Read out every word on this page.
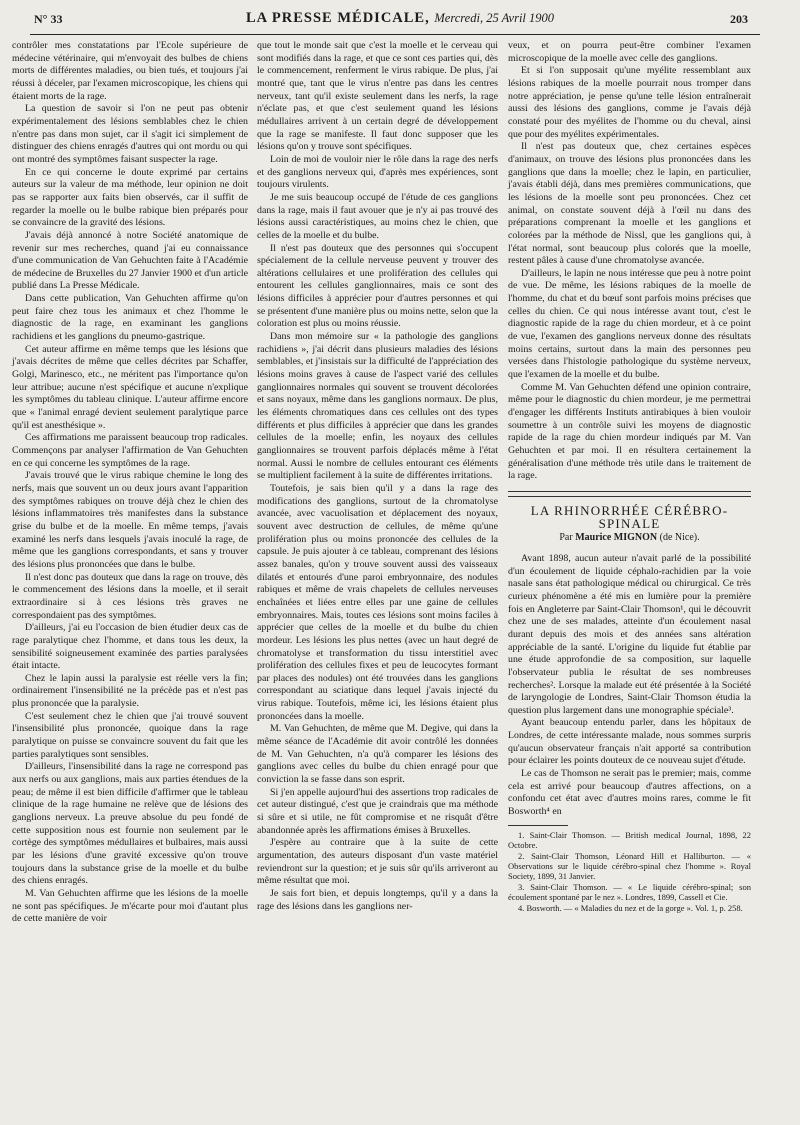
N° 33	LA PRESSE MÉDICALE, Mercredi, 25 Avril 1900	203

contrôler mes constatations par l'Ecole supérieure de médecine vétérinaire, qui m'envoyait des bulbes de chiens morts de différentes maladies, ou bien tués, et toujours j'ai réussi à déceler, par l'examen microscopique, les chiens qui étaient morts de la rage.

La question de savoir si l'on ne peut pas obtenir expérimentalement des lésions semblables chez le chien n'entre pas dans mon sujet, car il s'agit ici simplement de distinguer des chiens enragés d'autres qui ont mordu ou qui ont montré des symptômes faisant suspecter la rage.

En ce qui concerne le doute exprimé par certains auteurs sur la valeur de ma méthode, leur opinion ne doit pas se rapporter aux faits bien observés, car il suffit de regarder la moelle ou le bulbe rabique bien préparés pour se convaincre de la gravité des lésions.

J'avais déjà annoncé à notre Société anatomique de revenir sur mes recherches, quand j'ai eu connaissance d'une communication de Van Gehuchten faite à l'Académie de médecine de Bruxelles du 27 Janvier 1900 et d'un article publié dans La Presse Médicale.

Dans cette publication, Van Gehuchten affirme qu'on peut faire chez tous les animaux et chez l'homme le diagnostic de la rage, en examinant les ganglions rachidiens et les ganglions du pneumo-gastrique.

Cet auteur affirme en même temps que les lésions que j'avais décrites de même que celles décrites par Schaffer, Golgi, Marinesco, etc., ne méritent pas l'importance qu'on leur attribue; aucune n'est spécifique et aucune n'explique les symptômes du tableau clinique. L'auteur affirme encore que « l'animal enragé devient seulement paralytique parce qu'il est anesthésique ».

Ces affirmations me paraissent beaucoup trop radicales. Commençons par analyser l'affirmation de Van Gehuchten en ce qui concerne les symptômes de la rage.

J'avais trouvé que le virus rabique chemine le long des nerfs, mais que souvent un ou deux jours avant l'apparition des symptômes rabiques on trouve déjà chez le chien des lésions inflammatoires très manifestes dans la substance grise du bulbe et de la moelle. En même temps, j'avais examiné les nerfs dans lesquels j'avais inoculé la rage, de même que les ganglions correspondants, et sans y trouver des lésions plus prononcées que dans le bulbe.

Il n'est donc pas douteux que dans la rage on trouve, dès le commencement des lésions dans la moelle, et il serait extraordinaire si à ces lésions très graves ne correspondaient pas des symptômes.

D'ailleurs, j'ai eu l'occasion de bien étudier deux cas de rage paralytique chez l'homme, et dans tous les deux, la sensibilité soigneusement examinée des parties paralysées était intacte.

Chez le lapin aussi la paralysie est réelle vers la fin; ordinairement l'insensibilité ne la précède pas et n'est pas plus prononcée que la paralysie.

C'est seulement chez le chien que j'ai trouvé souvent l'insensibilité plus prononcée, quoique dans la rage paralytique on puisse se convaincre souvent du fait que les parties paralytiques sont sensibles.

D'ailleurs, l'insensibilité dans la rage ne correspond pas aux nerfs ou aux ganglions, mais aux parties étendues de la peau; de même il est bien difficile d'affirmer que le tableau clinique de la rage humaine ne relève que de lésions des ganglions nerveux. La preuve absolue du peu fondé de cette supposition nous est fournie non seulement par le cortège des symptômes médullaires et bulbaires, mais aussi par les lésions d'une gravité excessive qu'on trouve toujours dans la substance grise de la moelle et du bulbe des chiens enragés.

M. Van Gehuchten affirme que les lésions de la moelle ne sont pas spécifiques. Je m'écarte pour moi d'autant plus de cette manière de voir

que tout le monde sait que c'est la moelle et le cerveau qui sont modifiés dans la rage, et que ce sont ces parties qui, dès le commencement, renferment le virus rabique. De plus, j'ai montré que, tant que le virus n'entre pas dans les centres nerveux, tant qu'il existe seulement dans les nerfs, la rage n'éclate pas, et que c'est seulement quand les lésions médullaires arrivent à un certain degré de développement que la rage se manifeste. Il faut donc supposer que les lésions qu'on y trouve sont spécifiques.

Loin de moi de vouloir nier le rôle dans la rage des nerfs et des ganglions nerveux qui, d'après mes expériences, sont toujours virulents.

Je me suis beaucoup occupé de l'étude de ces ganglions dans la rage, mais il faut avouer que je n'y ai pas trouvé des lésions aussi caractéristiques, au moins chez le chien, que celles de la moelle et du bulbe.

Il n'est pas douteux que des personnes qui s'occupent spécialement de la cellule nerveuse peuvent y trouver des altérations cellulaires et une prolifération des cellules qui entourent les cellules ganglionnaires, mais ce sont des lésions difficiles à apprécier pour d'autres personnes et qui se présentent d'une manière plus ou moins nette, selon que la coloration est plus ou moins réussie.

Dans mon mémoire sur « la pathologie des ganglions rachidiens », j'ai décrit dans plusieurs maladies des lésions semblables, et j'insistais sur la difficulté de l'appréciation des lésions moins graves à cause de l'aspect varié des cellules ganglionnaires normales qui souvent se trouvent décolorées et sans noyaux, même dans les ganglions normaux. De plus, les éléments chromatiques dans ces cellules ont des types différents et plus difficiles à apprécier que dans les grandes cellules de la moelle; enfin, les noyaux des cellules ganglionnaires se trouvent parfois déplacés même à l'état normal. Aussi le nombre de cellules entourant ces éléments se multiplient facilement à la suite de différentes irritations.

Toutefois, je sais bien qu'il y a dans la rage des modifications des ganglions, surtout de la chromatolyse avancée, avec vacuolisation et déplacement des noyaux, souvent avec destruction de cellules, de même qu'une prolifération plus ou moins prononcée des cellules de la capsule. Je puis ajouter à ce tableau, comprenant des lésions assez banales, qu'on y trouve souvent aussi des vaisseaux dilatés et entourés d'une paroi embryonnaire, des nodules rabiques et même de vrais chapelets de cellules nerveuses enchaînées et liées entre elles par une gaine de cellules embryonnaires. Mais, toutes ces lésions sont moins faciles à apprécier que celles de la moelle et du bulbe du chien mordeur. Les lésions les plus nettes (avec un haut degré de chromatolyse et transformation du tissu interstitiel avec prolifération des cellules fixes et peu de leucocytes formant par places des nodules) ont été trouvées dans les ganglions correspondant au sciatique dans lequel j'avais injecté du virus rabique. Toutefois, même ici, les lésions étaient plus prononcées dans la moelle.

M. Van Gehuchten, de même que M. Degive, qui dans la même séance de l'Académie dit avoir contrôlé les données de M. Van Gehuchten, n'a qu'à comparer les lésions des ganglions avec celles du bulbe du chien enragé pour que conviction la se fasse dans son esprit.

Si j'en appelle aujourd'hui des assertions trop radicales de cet auteur distingué, c'est que je craindrais que ma méthode si sûre et si utile, ne fût compromise et ne risquât d'être abandonnée après les affirmations émises à Bruxelles.

J'espère au contraire que à la suite de cette argumentation, des auteurs disposant d'un vaste matériel reviendront sur la question; et je suis sûr qu'ils arriveront au même résultat que moi.

Je sais fort bien, et depuis longtemps, qu'il y a dans la rage des lésions dans les ganglions ner-

veux, et on pourra peut-être combiner l'examen microscopique de la moelle avec celle des ganglions.

Et si l'on supposait qu'une myélite ressemblant aux lésions rabiques de la moelle pourrait nous tromper dans notre appréciation, je pense qu'une telle lésion entraînerait aussi des lésions des ganglions, comme je l'avais déjà constaté pour des myélites de l'homme ou du cheval, ainsi que pour des myélites expérimentales.

Il n'est pas douteux que, chez certaines espèces d'animaux, on trouve des lésions plus prononcées dans les ganglions que dans la moelle; chez le lapin, en particulier, j'avais établi déjà, dans mes premières communications, que les lésions de la moelle sont peu prononcées. Chez cet animal, on constate souvent déjà à l'œil nu dans des préparations comprenant la moelle et les ganglions et colorées par la méthode de Nissl, que les ganglions qui, à l'état normal, sont beaucoup plus colorés que la moelle, restent pâles à cause d'une chromatolyse avancée.

D'ailleurs, le lapin ne nous intéresse que peu à notre point de vue. De même, les lésions rabiques de la moelle de l'homme, du chat et du bœuf sont parfois moins précises que celles du chien. Ce qui nous intéresse avant tout, c'est le diagnostic rapide de la rage du chien mordeur, et à ce point de vue, l'examen des ganglions nerveux donne des résultats moins certains, surtout dans la main des personnes peu versées dans l'histologie pathologique du système nerveux, que l'examen de la moelle et du bulbe.

Comme M. Van Gehuchten défend une opinion contraire, même pour le diagnostic du chien mordeur, je me permettrai d'engager les différents Instituts antirabiques à bien vouloir soumettre à un contrôle suivi les moyens de diagnostic rapide de la rage du chien mordeur indiqués par M. Van Gehuchten et par moi. Il en résultera certainement la généralisation d'une méthode très utile dans le traitement de la rage.

LA RHINORRHÉE CÉRÉBRO-SPINALE
Par Maurice MIGNON (de Nice).

Avant 1898, aucun auteur n'avait parlé de la possibilité d'un écoulement de liquide céphalo-rachidien par la voie nasale sans état pathologique médical ou chirurgical. Ce très curieux phénomène a été mis en lumière pour la première fois en Angleterre par Saint-Clair Thomson¹, qui le découvrit chez une de ses malades, atteinte d'un écoulement nasal durant depuis des mois et des années sans altération appréciable de la santé. L'origine du liquide fut établie par une étude approfondie de sa composition, sur laquelle l'observateur publia le résultat de ses nombreuses recherches². Lorsque la malade eut été présentée à la Société de laryngologie de Londres, Saint-Clair Thomson étudia la question plus largement dans une monographie spéciale³.

Ayant beaucoup entendu parler, dans les hôpitaux de Londres, de cette intéressante malade, nous sommes surpris qu'aucun observateur français n'ait apporté sa contribution pour éclairer les points douteux de ce nouveau sujet d'étude.

Le cas de Thomson ne serait pas le premier; mais, comme cela est arrivé pour beaucoup d'autres affections, on a confondu cet état avec d'autres moins rares, comme le fit Bosworth⁴ en

1. Saint-Clair Thomson. — British medical Journal, 1898, 22 Octobre.

2. Saint-Clair Thomson, Léonard Hill et Halliburton. — « Observations sur le liquide cérébro-spinal chez l'homme ». Royal Society, 1899, 31 Janvier.

3. Saint-Clair Thomson. — « Le liquide cérébro-spinal; son écoulement spontané par le nez ». Londres, 1899, Cassell et Cie.

4. Bosworth. — « Maladies du nez et de la gorge ». Vol. 1, p. 258.
